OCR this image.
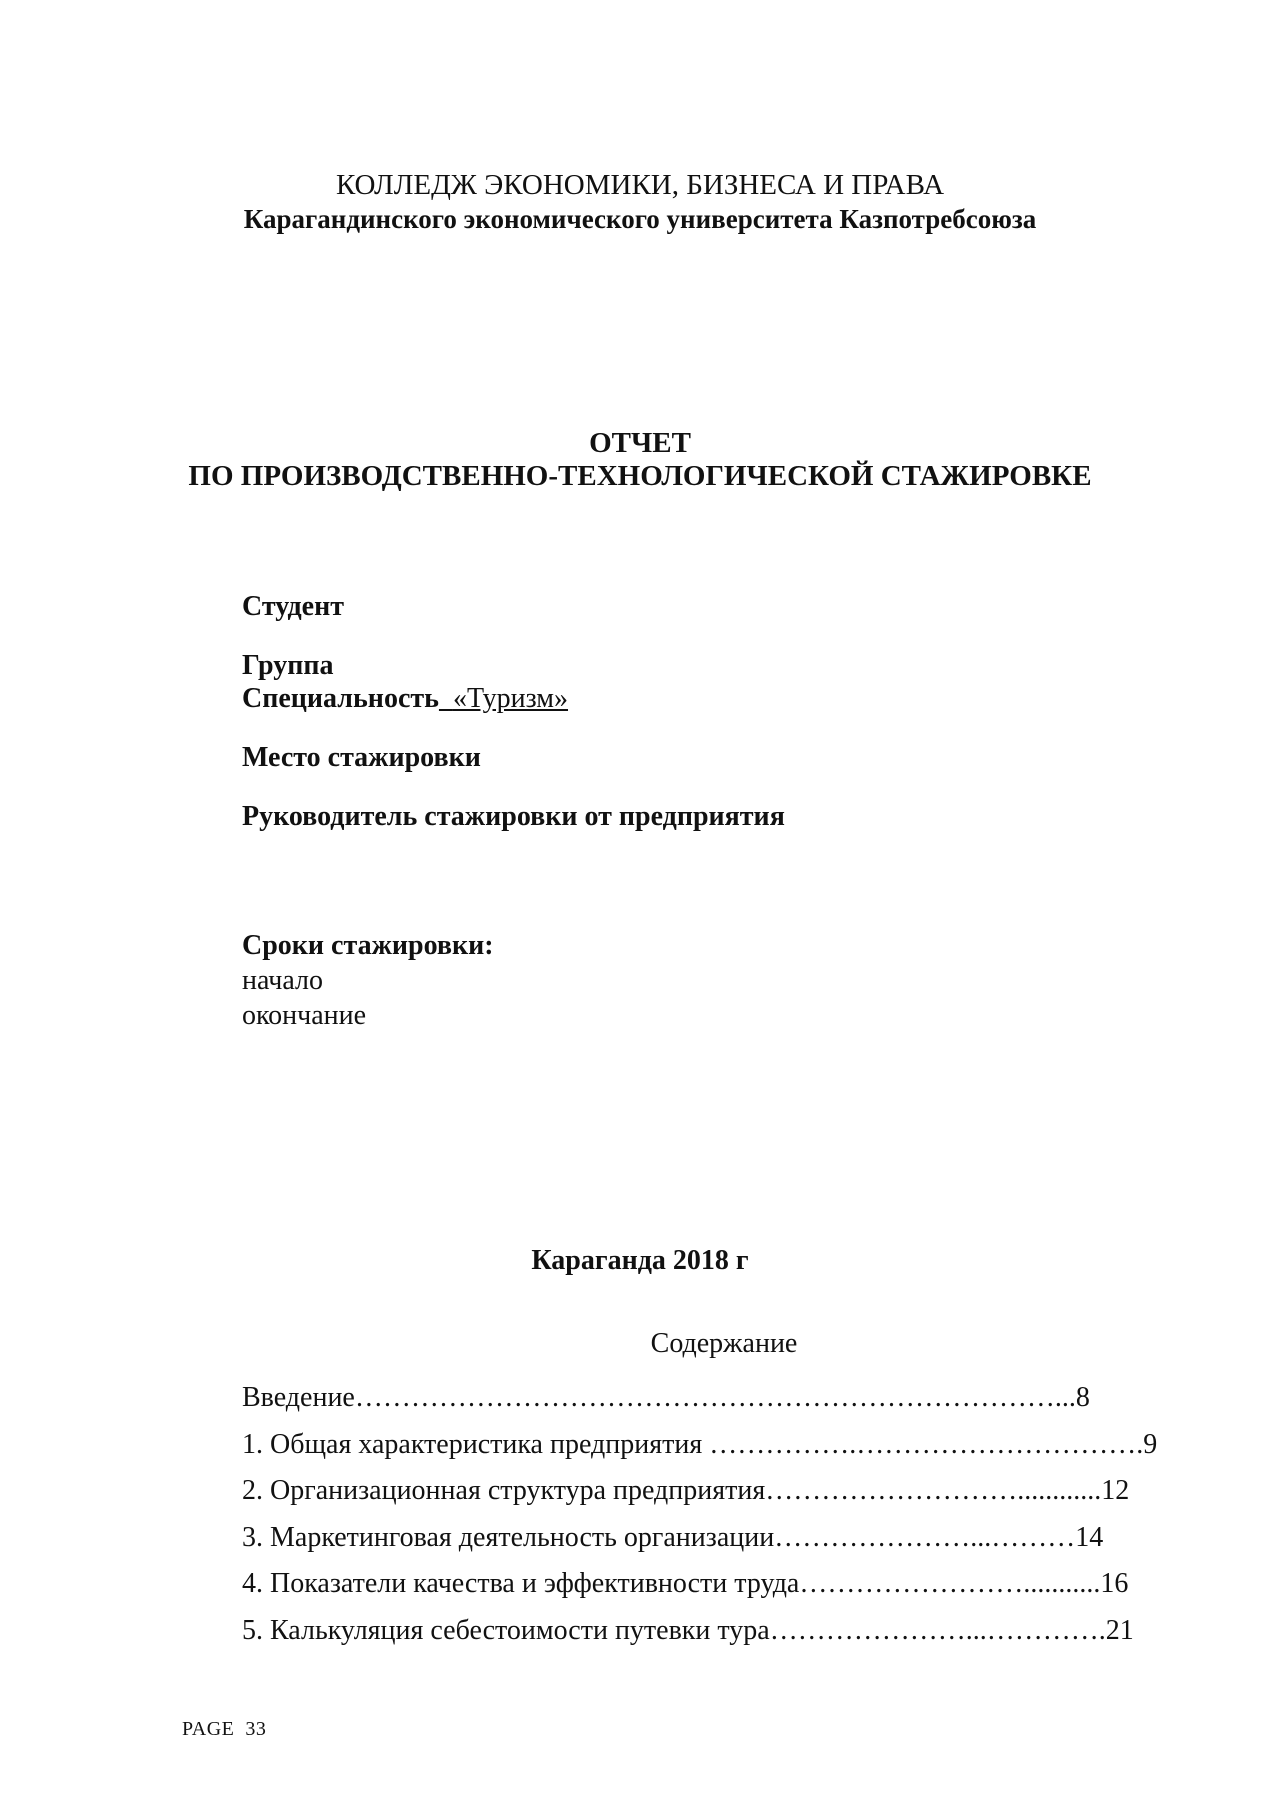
КОЛЛЕДЖ ЭКОНОМИКИ, БИЗНЕСА И ПРАВА
Карагандинского экономического университета Казпотребсоюза
ОТЧЕТ
ПО ПРОИЗВОДСТВЕННО-ТЕХНОЛОГИЧЕСКОЙ СТАЖИРОВКЕ
Студент
Группа
Специальность «Туризм»
Место стажировки
Руководитель стажировки от предприятия
Сроки стажировки:
начало
окончание
Караганда 2018 г
Содержание
Введение…………………………………………………………………...8
1. Общая характеристика предприятия …………….………………………….9
2. Организационная структура предприятия………………………............12
3. Маркетинговая деятельность организации…………………...………14
4. Показатели качества и эффективности труда……………………...........16
5. Калькуляция себестоимости путевки тура…………………...………….21
PAGE  33
